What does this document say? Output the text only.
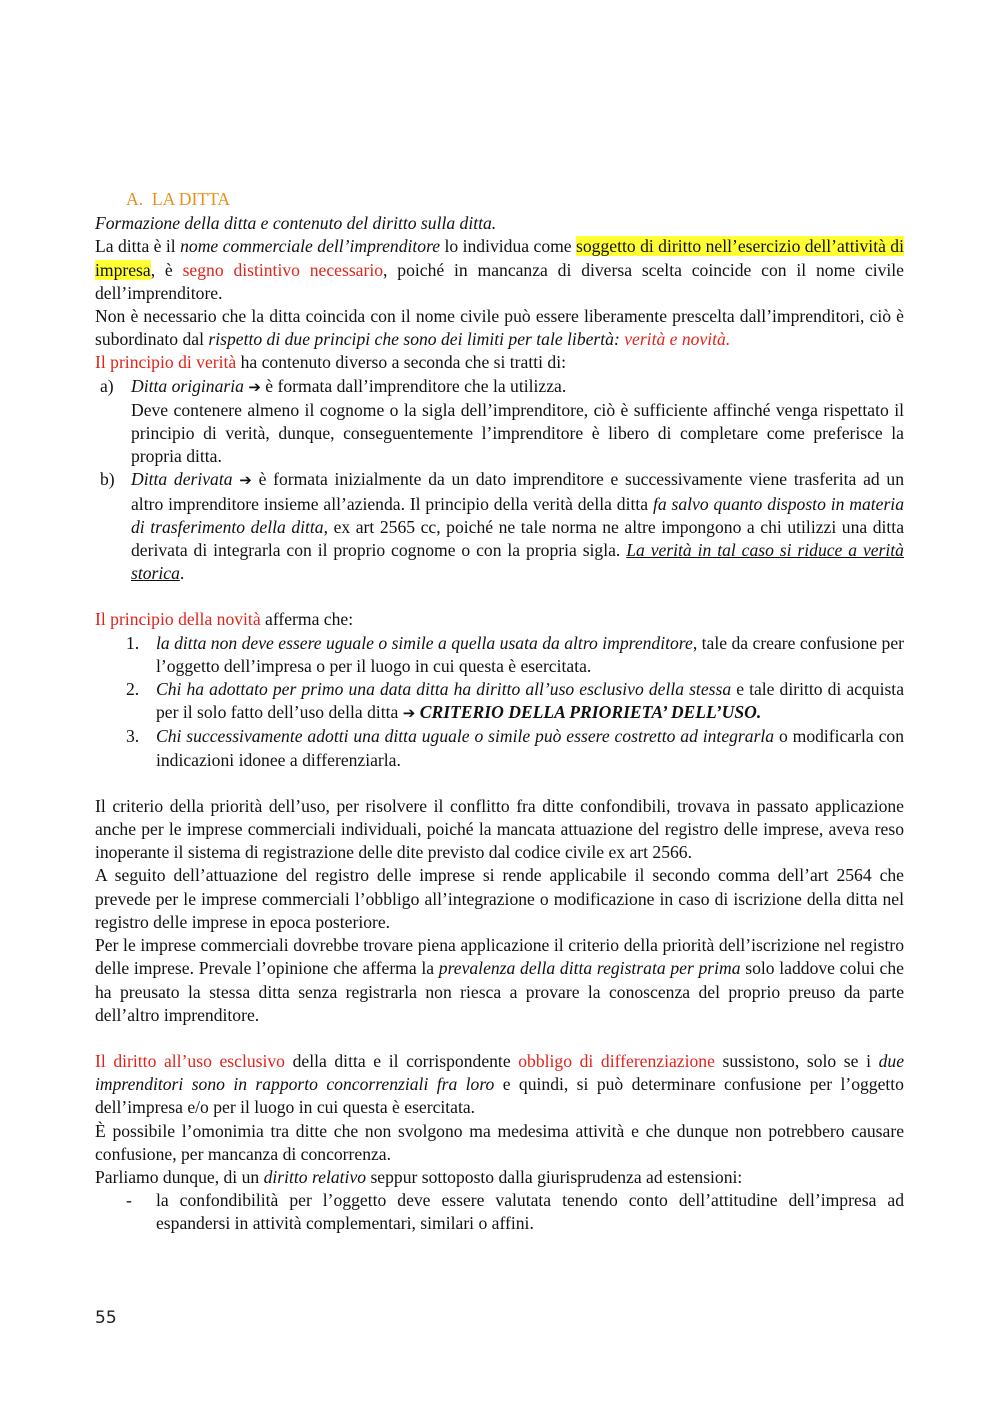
A.  LA DITTA

Formazione della ditta e contenuto del diritto sulla ditta.

La ditta è il nome commerciale dell’imprenditore lo individua come soggetto di diritto nell’esercizio dell’attività di impresa, è segno distintivo necessario, poiché in mancanza di diversa scelta coincide con il nome civile dell’imprenditore.

Non è necessario che la ditta coincida con il nome civile può essere liberamente prescelta dall’imprenditori, ciò è subordinato dal rispetto di due principi che sono dei limiti per tale libertà: verità e novità.

Il principio di verità ha contenuto diverso a seconda che si tratti di:

a) Ditta originaria ➔ è formata dall’imprenditore che la utilizza.

Deve contenere almeno il cognome o la sigla dell’imprenditore, ciò è sufficiente affinché venga rispettato il principio di verità, dunque, conseguentemente l’imprenditore è libero di completare come preferisce la propria ditta.

b) Ditta derivata ➔ è formata inizialmente da un dato imprenditore e successivamente viene trasferita ad un altro imprenditore insieme all’azienda. Il principio della verità della ditta fa salvo quanto disposto in materia di trasferimento della ditta, ex art 2565 cc, poiché ne tale norma ne altre impongono a chi utilizzi una ditta derivata di integrarla con il proprio cognome o con la propria sigla. La verità in tal caso si riduce a verità storica.

Il principio della novità afferma che:

1. la ditta non deve essere uguale o simile a quella usata da altro imprenditore, tale da creare confusione per l’oggetto dell’impresa o per il luogo in cui questa è esercitata.

2. Chi ha adottato per primo una data ditta ha diritto all’uso esclusivo della stessa e tale diritto di acquista per il solo fatto dell’uso della ditta ➔ CRITERIO DELLA PRIORIETA’ DELL’USO.

3. Chi successivamente adotti una ditta uguale o simile può essere costretto ad integrarla o modificarla con indicazioni idonee a differenziarla.

Il criterio della priorità dell’uso, per risolvere il conflitto fra ditte confondibili, trovava in passato applicazione anche per le imprese commerciali individuali, poiché la mancata attuazione del registro delle imprese, aveva reso inoperante il sistema di registrazione delle dite previsto dal codice civile ex art 2566.

A seguito dell’attuazione del registro delle imprese si rende applicabile il secondo comma dell’art 2564 che prevede per le imprese commerciali l’obbligo all’integrazione o modificazione in caso di iscrizione della ditta nel registro delle imprese in epoca posteriore.

Per le imprese commerciali dovrebbe trovare piena applicazione il criterio della priorità dell’iscrizione nel registro delle imprese. Prevale l’opinione che afferma la prevalenza della ditta registrata per prima solo laddove colui che ha preusato la stessa ditta senza registrarla non riesca a provare la conoscenza del proprio preuso da parte dell’altro imprenditore.

Il diritto all’uso esclusivo della ditta e il corrispondente obbligo di differenziazione sussistono, solo se i due imprenditori sono in rapporto concorrenziali fra loro e quindi, si può determinare confusione per l’oggetto dell’impresa e/o per il luogo in cui questa è esercitata.

È possibile l’omonimia tra ditte che non svolgono ma medesima attività e che dunque non potrebbero causare confusione, per mancanza di concorrenza.

Parliamo dunque, di un diritto relativo seppur sottoposto dalla giurisprudenza ad estensioni:

- la confondibilità per l’oggetto deve essere valutata tenendo conto dell’attitudine dell’impresa ad espandersi in attività complementari, similari o affini.

55
